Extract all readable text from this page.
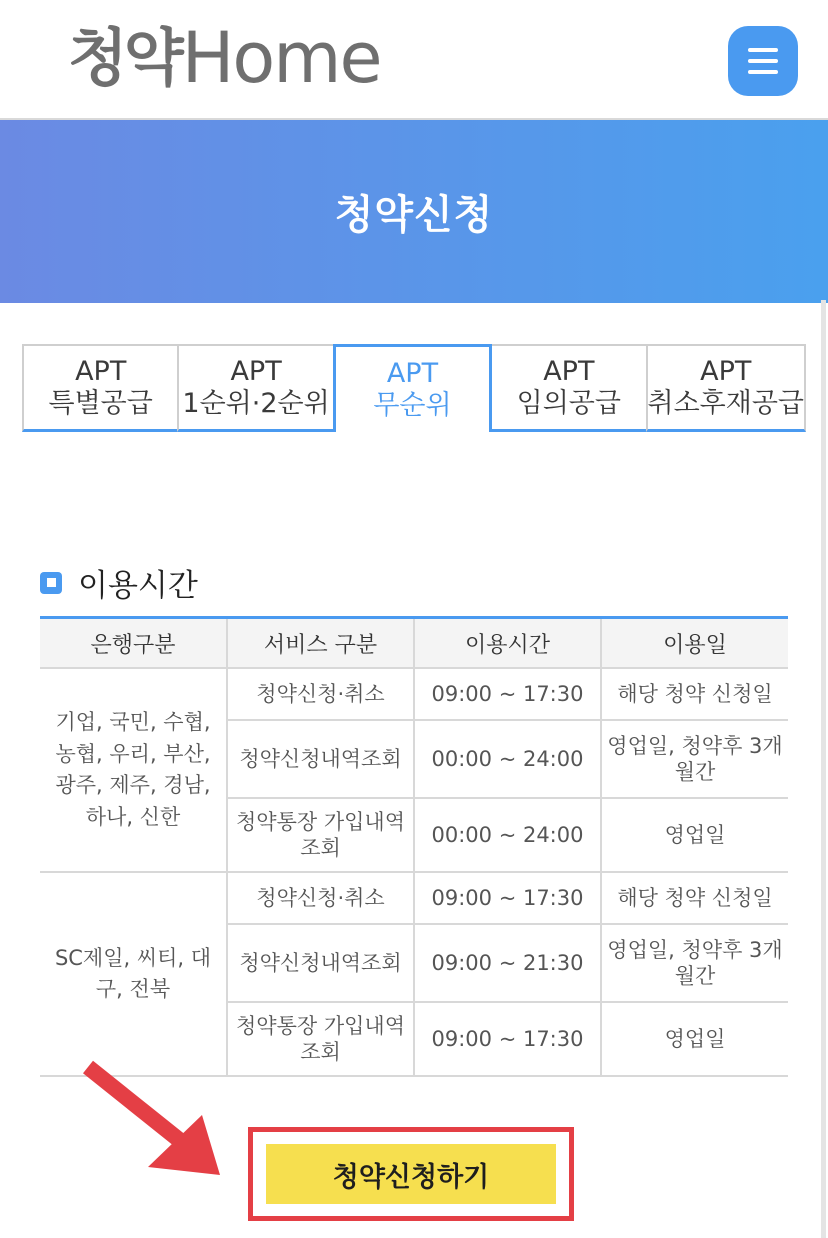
청약 Home
청약신청
APT
특별공급
APT
1순위·2순위
APT
무순위
APT
임의공급
APT
취소후재공급
이용시간
은행구분	서비스 구분	이용시간	이용일
기업, 국민, 수협, 농협, 우리, 부산, 광주, 제주, 경남, 하나, 신한	청약신청·취소	09:00 ~ 17:30	해당 청약 신청일
	청약신청내역조회	00:00 ~ 24:00	영업일, 청약후 3개월간
	청약통장 가입내역조회	00:00 ~ 24:00	영업일
SC제일, 씨티, 대구, 전북	청약신청·취소	09:00 ~ 17:30	해당 청약 신청일
	청약신청내역조회	09:00 ~ 21:30	영업일, 청약후 3개월간
	청약통장 가입내역조회	09:00 ~ 17:30	영업일
청약신청하기
